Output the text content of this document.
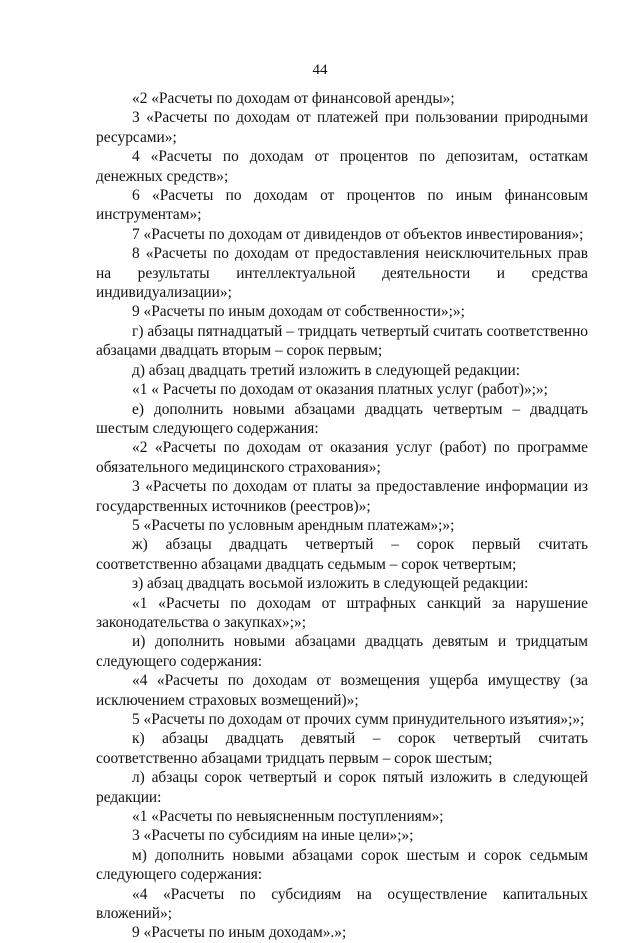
44

«2 «Расчеты по доходам от финансовой аренды»;

3 «Расчеты по доходам от платежей при пользовании природными ресурсами»;

4 «Расчеты по доходам от процентов по депозитам, остаткам денежных средств»;

6 «Расчеты по доходам от процентов по иным финансовым инструментам»;

7 «Расчеты по доходам от дивидендов от объектов инвестирования»;

8 «Расчеты по доходам от предоставления неисключительных прав на результаты интеллектуальной деятельности и средства индивидуализации»;

9 «Расчеты по иным доходам от собственности»;»;

г) абзацы пятнадцатый – тридцать четвертый считать соответственно абзацами двадцать вторым – сорок первым;

д) абзац двадцать третий изложить в следующей редакции:

«1 « Расчеты по доходам от оказания платных услуг (работ)»;»;

е) дополнить новыми абзацами двадцать четвертым – двадцать шестым следующего содержания:

«2 «Расчеты по доходам от оказания услуг (работ) по программе обязательного медицинского страхования»;

3 «Расчеты по доходам от платы за предоставление информации из государственных источников (реестров)»;

5 «Расчеты по условным арендным платежам»;»;

ж) абзацы двадцать четвертый – сорок первый считать соответственно абзацами двадцать седьмым – сорок четвертым;

з) абзац двадцать восьмой изложить в следующей редакции:

«1 «Расчеты по доходам от штрафных санкций за нарушение законодательства о закупках»;»;

и) дополнить новыми абзацами двадцать девятым и тридцатым следующего содержания:

«4 «Расчеты по доходам от возмещения ущерба имуществу (за исключением страховых возмещений)»;

5 «Расчеты по доходам от прочих сумм принудительного изъятия»;»;

к) абзацы двадцать девятый – сорок четвертый считать соответственно абзацами тридцать первым – сорок шестым;

л) абзацы сорок четвертый и сорок пятый изложить в следующей редакции:

«1 «Расчеты по невыясненным поступлениям»;

3 «Расчеты по субсидиям на иные цели»;»;

м) дополнить новыми абзацами сорок шестым и сорок седьмым следующего содержания:

«4 «Расчеты по субсидиям на осуществление капитальных вложений»;

9 «Расчеты по иным доходам».»;
